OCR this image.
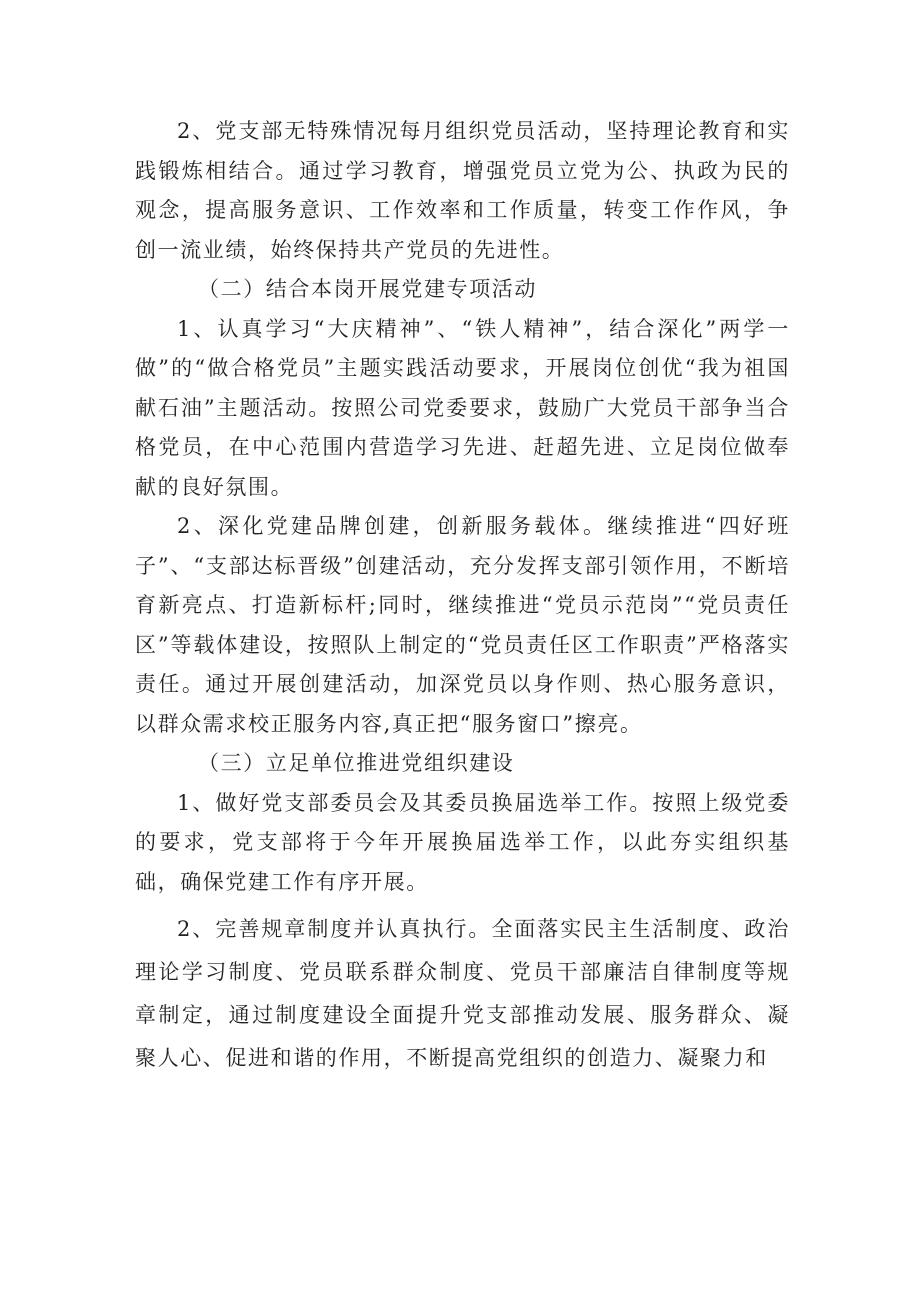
2、党支部无特殊情况每月组织党员活动，坚持理论教育和实践锻炼相结合。通过学习教育，增强党员立党为公、执政为民的观念，提高服务意识、工作效率和工作质量，转变工作作风，争创一流业绩，始终保持共产党员的先进性。

（二）结合本岗开展党建专项活动

1、认真学习“大庆精神”、“铁人精神”，结合深化”两学一做”的“做合格党员”主题实践活动要求，开展岗位创优“我为祖国献石油”主题活动。按照公司党委要求，鼓励广大党员干部争当合格党员，在中心范围内营造学习先进、赶超先进、立足岗位做奉献的良好氛围。

2、深化党建品牌创建，创新服务载体。继续推进“四好班子”、“支部达标晋级”创建活动，充分发挥支部引领作用，不断培育新亮点、打造新标杆;同时，继续推进“党员示范岗”“党员责任区”等载体建设，按照队上制定的“党员责任区工作职责”严格落实责任。通过开展创建活动，加深党员以身作则、热心服务意识，以群众需求校正服务内容,真正把“服务窗口”擦亮。

（三）立足单位推进党组织建设

1、做好党支部委员会及其委员换届选举工作。按照上级党委的要求，党支部将于今年开展换届选举工作，以此夯实组织基础，确保党建工作有序开展。

2、完善规章制度并认真执行。全面落实民主生活制度、政治理论学习制度、党员联系群众制度、党员干部廉洁自律制度等规章制定，通过制度建设全面提升党支部推动发展、服务群众、凝聚人心、促进和谐的作用，不断提高党组织的创造力、凝聚力和
